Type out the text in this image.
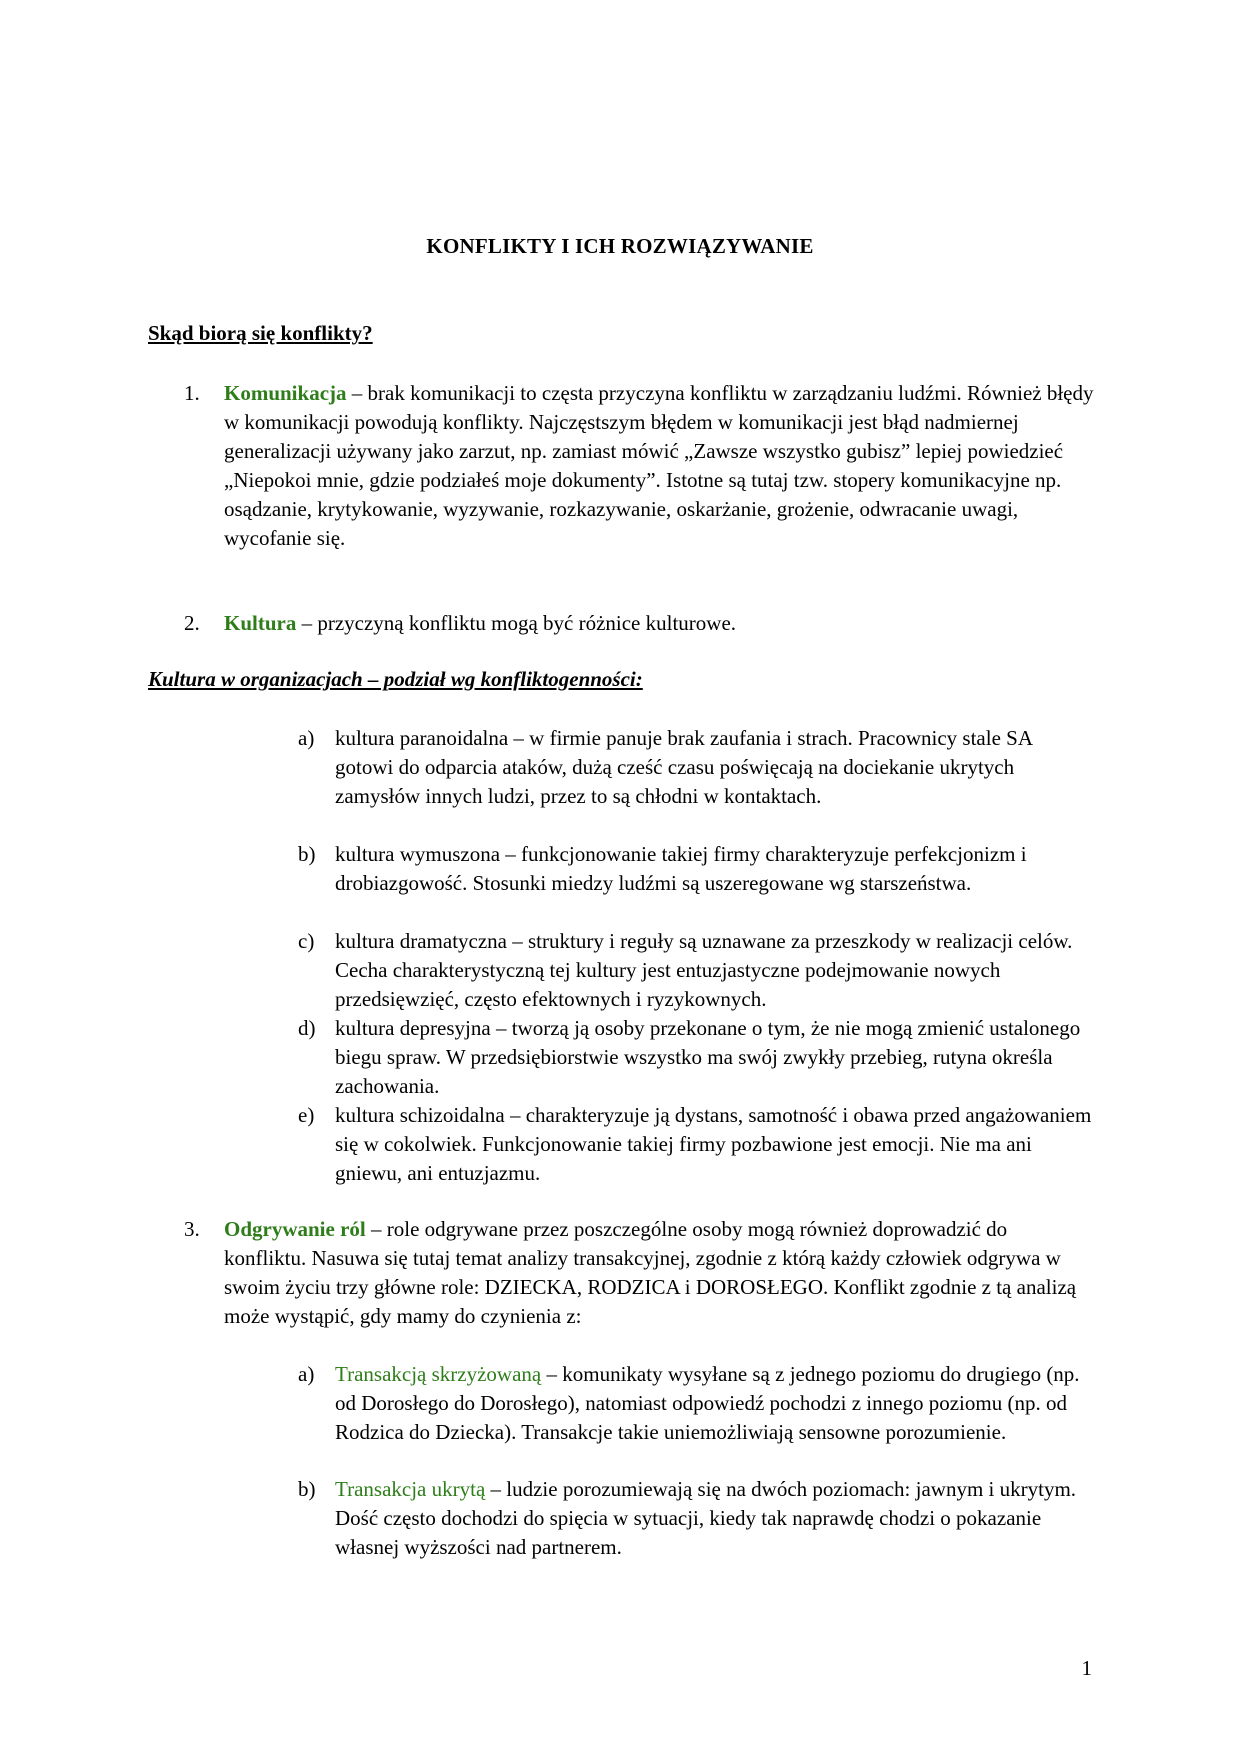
KONFLIKTY I ICH ROZWIĄZYWANIE
Skąd biorą się konflikty?
1.	Komunikacja – brak komunikacji to częsta przyczyna konfliktu w zarządzaniu ludźmi. Również błędy w komunikacji powodują konflikty. Najczęstszym błędem w komunikacji jest błąd nadmiernej generalizacji używany jako zarzut, np. zamiast mówić „Zawsze wszystko gubisz” lepiej powiedzieć „Niepokoi mnie, gdzie podziałeś moje dokumenty”. Istotne są tutaj tzw. stopery komunikacyjne np. osądzanie, krytykowanie, wyzywanie, rozkazywanie, oskarżanie, grożenie, odwracanie uwagi, wycofanie się.
2.	Kultura – przyczyną konfliktu mogą być różnice kulturowe.
Kultura w organizacjach – podział wg konfliktogenności:
a) kultura paranoidalna – w firmie panuje brak zaufania i strach. Pracownicy stale SA gotowi do odparcia ataków, dużą cześć czasu poświęcają na dociekanie ukrytych zamysłów innych ludzi, przez to są chłodni w kontaktach.
b) kultura wymuszona – funkcjonowanie takiej firmy charakteryzuje perfekcjonizm i drobiazgowość. Stosunki miedzy ludźmi są uszeregowane wg starszeństwa.
c) kultura dramatyczna – struktury i reguły są uznawane za przeszkody w realizacji celów. Cecha charakterystyczną tej kultury jest entuzjastyczne podejmowanie nowych przedsięwzięć, często efektownych i ryzykownych.
d) kultura depresyjna – tworzą ją osoby przekonane o tym, że nie mogą zmienić ustalonego biegu spraw. W przedsiębiorstwie wszystko ma swój zwykły przebieg, rutyna określa zachowania.
e) kultura schizoidalna – charakteryzuje ją dystans, samotność i obawa przed angażowaniem się w cokolwiek. Funkcjonowanie takiej firmy pozbawione jest emocji. Nie ma ani gniewu, ani entuzjazmu.
3.	Odgrywanie ról – role odgrywane przez poszczególne osoby mogą również doprowadzić do konfliktu. Nasuwa się tutaj temat analizy transakcyjnej, zgodnie z którą każdy człowiek odgrywa w swoim życiu trzy główne role: DZIECKA, RODZICA i DOROSŁEGO. Konflikt zgodnie z tą analizą może wystąpić, gdy mamy do czynienia z:
a) Transakcją skrzyżowaną – komunikaty wysyłane są z jednego poziomu do drugiego (np. od Dorosłego do Dorosłego), natomiast odpowiedź pochodzi z innego poziomu (np. od Rodzica do Dziecka). Transakcje takie uniemożliwiają sensowne porozumienie.
b) Transakcja ukrytą – ludzie porozumiewają się na dwóch poziomach: jawnym i ukrytym. Dość często dochodzi do spięcia w sytuacji, kiedy tak naprawdę chodzi o pokazanie własnej wyższości nad partnerem.
1
